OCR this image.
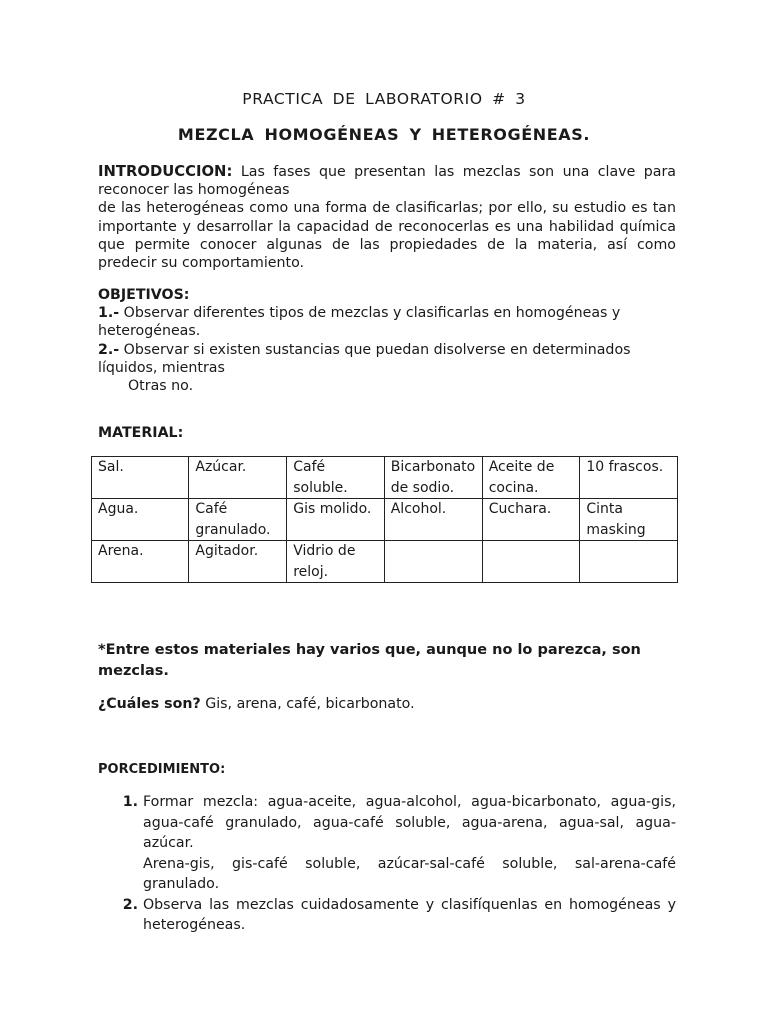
PRACTICA DE LABORATORIO # 3
MEZCLA HOMOGÉNEAS Y HETEROGÉNEAS.
INTRODUCCION: Las fases que presentan las mezclas son una clave para reconocer las homogéneas
de las heterogéneas como una forma de clasificarlas; por ello, su estudio es tan importante y desarrollar la capacidad de reconocerlas es una habilidad química que permite conocer algunas de las propiedades de la materia, así como predecir su comportamiento.
OBJETIVOS:
1.- Observar diferentes tipos de mezclas y clasificarlas en homogéneas y heterogéneas.
2.- Observar si existen sustancias que puedan disolverse en determinados líquidos, mientras
Otras no.
MATERIAL:
Sal.	Azúcar.	Café soluble.	Bicarbonato de sodio.	Aceite de cocina.	10 frascos.
Agua.	Café granulado.	Gis molido.	Alcohol.	Cuchara.	Cinta masking
Arena.	Agitador.	Vidrio de reloj.			
*Entre estos materiales hay varios que, aunque no lo parezca, son mezclas.
¿Cuáles son? Gis, arena, café, bicarbonato.
PORCEDIMIENTO:
1. Formar mezcla: agua-aceite, agua-alcohol, agua-bicarbonato, agua-gis, agua-café granulado, agua-café soluble, agua-arena, agua-sal, agua-azúcar.
Arena-gis, gis-café soluble, azúcar-sal-café soluble, sal-arena-café granulado.
2. Observa las mezclas cuidadosamente y clasifíquenlas en homogéneas y heterogéneas.
